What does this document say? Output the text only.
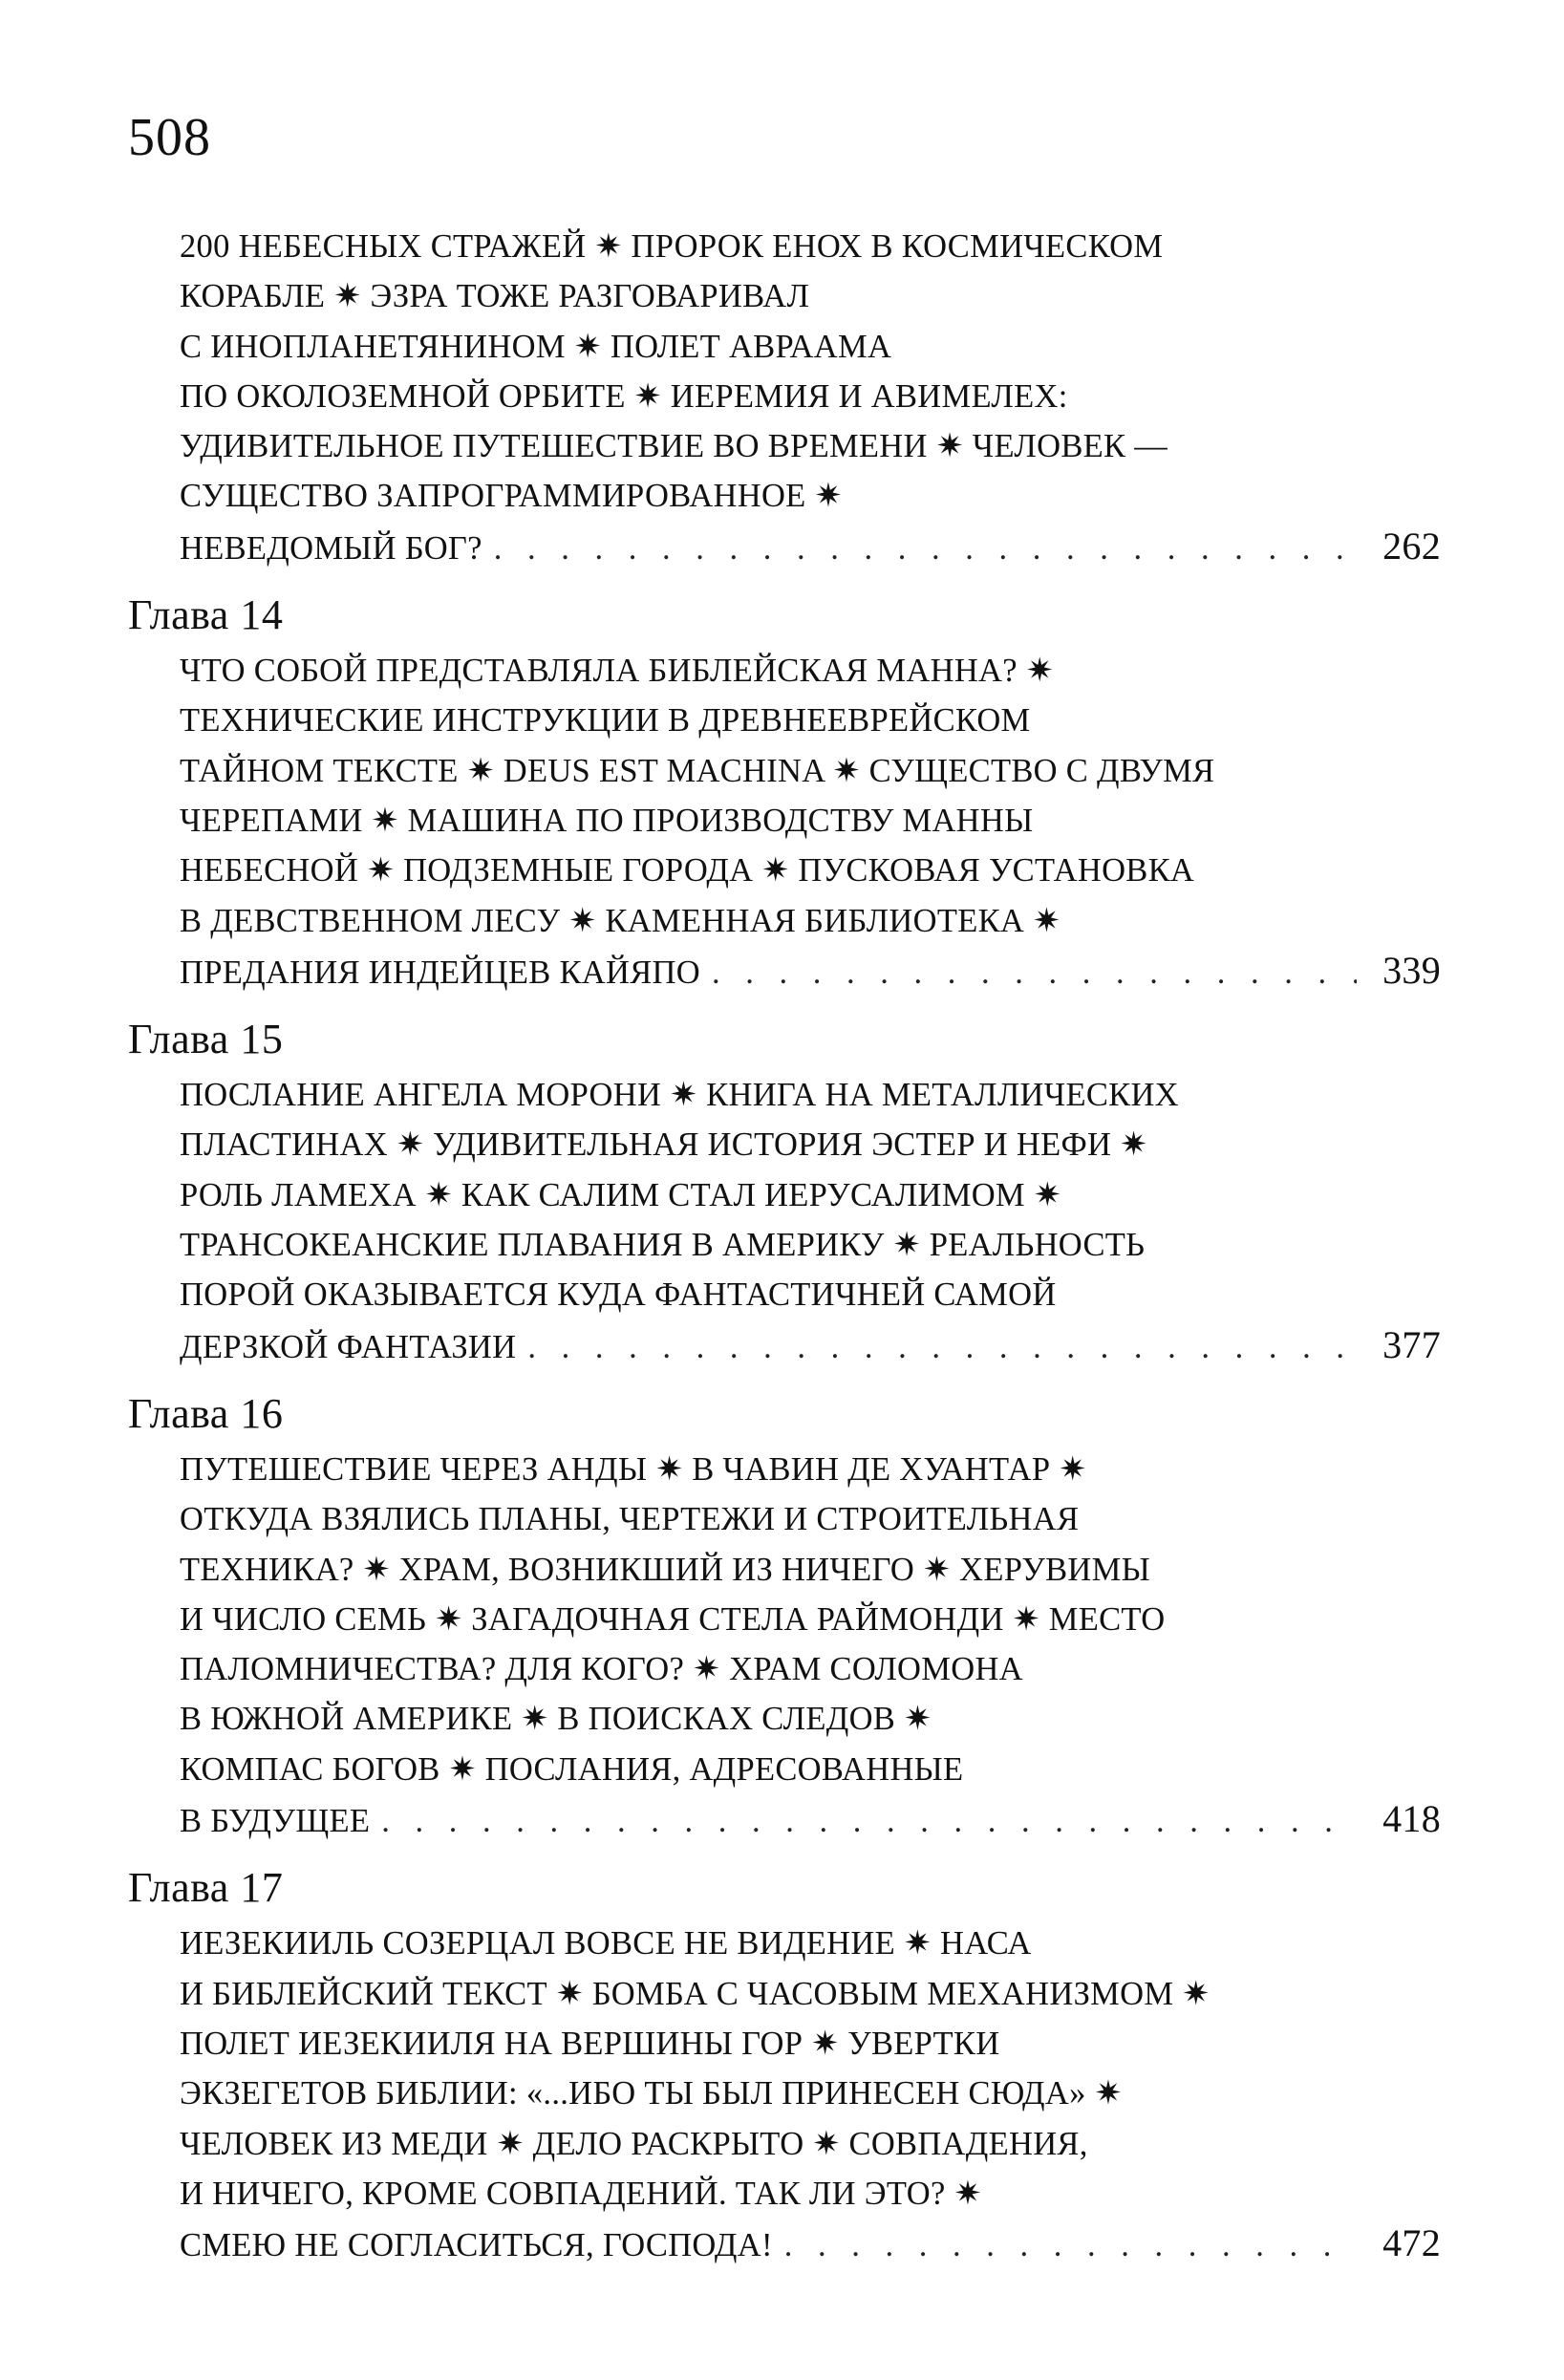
508
200 НЕБЕСНЫХ СТРАЖЕЙ ✷ ПРОРОК ЕНОХ В КОСМИЧЕСКОМ
КОРАБЛЕ ✷ ЭЗРА ТОЖЕ РАЗГОВАРИВАЛ
С ИНОПЛАНЕТЯНИНОМ ✷ ПОЛЕТ АВРААМА
ПО ОКОЛОЗЕМНОЙ ОРБИТЕ ✷ ИЕРЕМИЯ И АВИМЕЛЕХ:
УДИВИТЕЛЬНОЕ ПУТЕШЕСТВИЕ ВО ВРЕМЕНИ ✷ ЧЕЛОВЕК —
СУЩЕСТВО ЗАПРОГРАММИРОВАННОЕ ✷
НЕВЕДОМЫЙ БОГ? . . .	262
Глава 14
ЧТО СОБОЙ ПРЕДСТАВЛЯЛА БИБЛЕЙСКАЯ МАННА? ✷
ТЕХНИЧЕСКИЕ ИНСТРУКЦИИ В ДРЕВНЕЕВРЕЙСКОМ
ТАЙНОМ ТЕКСТЕ ✷ DEUS EST MACHINA ✷ СУЩЕСТВО С ДВУМЯ
ЧЕРЕПАМИ ✷ МАШИНА ПО ПРОИЗВОДСТВУ МАННЫ
НЕБЕСНОЙ ✷ ПОДЗЕМНЫЕ ГОРОДА ✷ ПУСКОВАЯ УСТАНОВКА
В ДЕВСТВЕННОМ ЛЕСУ ✷ КАМЕННАЯ БИБЛИОТЕКА ✷
ПРЕДАНИЯ ИНДЕЙЦЕВ КАЙЯПО . . .	339
Глава 15
ПОСЛАНИЕ АНГЕЛА МОРОНИ ✷ КНИГА НА МЕТАЛЛИЧЕСКИХ
ПЛАСТИНАХ ✷ УДИВИТЕЛЬНАЯ ИСТОРИЯ ЭСТЕР И НЕФИ ✷
РОЛЬ ЛАМЕХА ✷ КАК САЛИМ СТАЛ ИЕРУСАЛИМОМ ✷
ТРАНСОКЕАНСКИЕ ПЛАВАНИЯ В АМЕРИКУ ✷ РЕАЛЬНОСТЬ
ПОРОЙ ОКАЗЫВАЕТСЯ КУДА ФАНТАСТИЧНЕЙ САМОЙ
ДЕРЗКОЙ ФАНТАЗИИ . . .	377
Глава 16
ПУТЕШЕСТВИЕ ЧЕРЕЗ АНДЫ ✷ В ЧАВИН ДЕ ХУАНТАР ✷
ОТКУДА ВЗЯЛИСЬ ПЛАНЫ, ЧЕРТЕЖИ И СТРОИТЕЛЬНАЯ
ТЕХНИКА? ✷ ХРАМ, ВОЗНИКШИЙ ИЗ НИЧЕГО ✷ ХЕРУВИМЫ
И ЧИСЛО СЕМЬ ✷ ЗАГАДОЧНАЯ СТЕЛА РАЙМОНДИ ✷ МЕСТО
ПАЛОМНИЧЕСТВА? ДЛЯ КОГО? ✷ ХРАМ СОЛОМОНА
В ЮЖНОЙ АМЕРИКЕ ✷ В ПОИСКАХ СЛЕДОВ ✷
КОМПАС БОГОВ ✷ ПОСЛАНИЯ, АДРЕСОВАННЫЕ
В БУДУЩЕЕ . . .	418
Глава 17
ИЕЗЕКИИЛЬ СОЗЕРЦАЛ ВОВСЕ НЕ ВИДЕНИЕ ✷ НАСА
И БИБЛЕЙСКИЙ ТЕКСТ ✷ БОМБА С ЧАСОВЫМ МЕХАНИЗМОМ ✷
ПОЛЕТ ИЕЗЕКИИЛЯ НА ВЕРШИНЫ ГОР ✷ УВЕРТКИ
ЭКЗЕГЕТОВ БИБЛИИ: «...ИБО ТЫ БЫЛ ПРИНЕСЕН СЮДА» ✷
ЧЕЛОВЕК ИЗ МЕДИ ✷ ДЕЛО РАСКРЫТО ✷ СОВПАДЕНИЯ,
И НИЧЕГО, КРОМЕ СОВПАДЕНИЙ. ТАК ЛИ ЭТО? ✷
СМЕЮ НЕ СОГЛАСИТЬСЯ, ГОСПОДА! . . .	472
